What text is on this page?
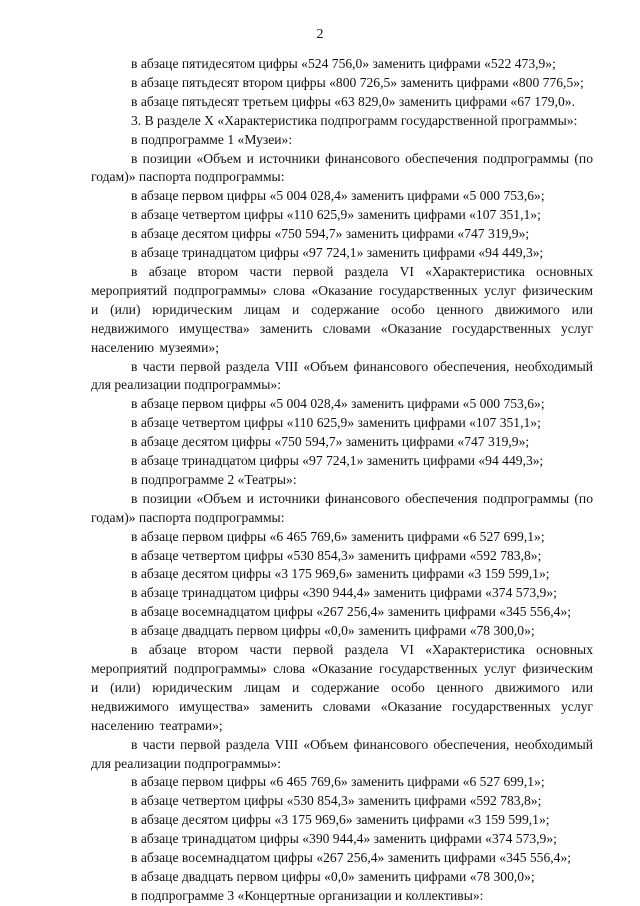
2

в абзаце пятидесятом цифры «524 756,0» заменить цифрами «522 473,9»;

в абзаце пятьдесят втором цифры «800 726,5» заменить цифрами «800 776,5»;

в абзаце пятьдесят третьем цифры «63 829,0» заменить цифрами «67 179,0».

3. В разделе X «Характеристика подпрограмм государственной программы»:

в подпрограмме 1 «Музеи»:

в позиции «Объем и источники финансового обеспечения подпрограммы (по годам)» паспорта подпрограммы:

в абзаце первом цифры «5 004 028,4» заменить цифрами «5 000 753,6»;

в абзаце четвертом цифры «110 625,9» заменить цифрами «107 351,1»;

в абзаце десятом цифры «750 594,7» заменить цифрами «747 319,9»;

в абзаце тринадцатом цифры «97 724,1» заменить цифрами «94 449,3»;

в абзаце втором части первой раздела VI «Характеристика основных мероприятий подпрограммы» слова «Оказание государственных услуг физическим и (или) юридическим лицам и содержание особо ценного движимого или недвижимого имущества» заменить словами «Оказание государственных услуг населению музеями»;

в части первой раздела VIII «Объем финансового обеспечения, необходимый для реализации подпрограммы»:

в абзаце первом цифры «5 004 028,4» заменить цифрами «5 000 753,6»;

в абзаце четвертом цифры «110 625,9» заменить цифрами «107 351,1»;

в абзаце десятом цифры «750 594,7» заменить цифрами «747 319,9»;

в абзаце тринадцатом цифры «97 724,1» заменить цифрами «94 449,3»;

в подпрограмме 2 «Театры»:

в позиции «Объем и источники финансового обеспечения подпрограммы (по годам)» паспорта подпрограммы:

в абзаце первом цифры «6 465 769,6» заменить цифрами «6 527 699,1»;

в абзаце четвертом цифры «530 854,3» заменить цифрами «592 783,8»;

в абзаце десятом цифры «3 175 969,6» заменить цифрами «3 159 599,1»;

в абзаце тринадцатом цифры «390 944,4» заменить цифрами «374 573,9»;

в абзаце восемнадцатом цифры «267 256,4» заменить цифрами «345 556,4»;

в абзаце двадцать первом цифры «0,0» заменить цифрами «78 300,0»;

в абзаце втором части первой раздела VI «Характеристика основных мероприятий подпрограммы» слова «Оказание государственных услуг физическим и (или) юридическим лицам и содержание особо ценного движимого или недвижимого имущества» заменить словами «Оказание государственных услуг населению театрами»;

в части первой раздела VIII «Объем финансового обеспечения, необходимый для реализации подпрограммы»:

в абзаце первом цифры «6 465 769,6» заменить цифрами «6 527 699,1»;

в абзаце четвертом цифры «530 854,3» заменить цифрами «592 783,8»;

в абзаце десятом цифры «3 175 969,6» заменить цифрами «3 159 599,1»;

в абзаце тринадцатом цифры «390 944,4» заменить цифрами «374 573,9»;

в абзаце восемнадцатом цифры «267 256,4» заменить цифрами «345 556,4»;

в абзаце двадцать первом цифры «0,0» заменить цифрами «78 300,0»;

в подпрограмме 3 «Концертные организации и коллективы»:
